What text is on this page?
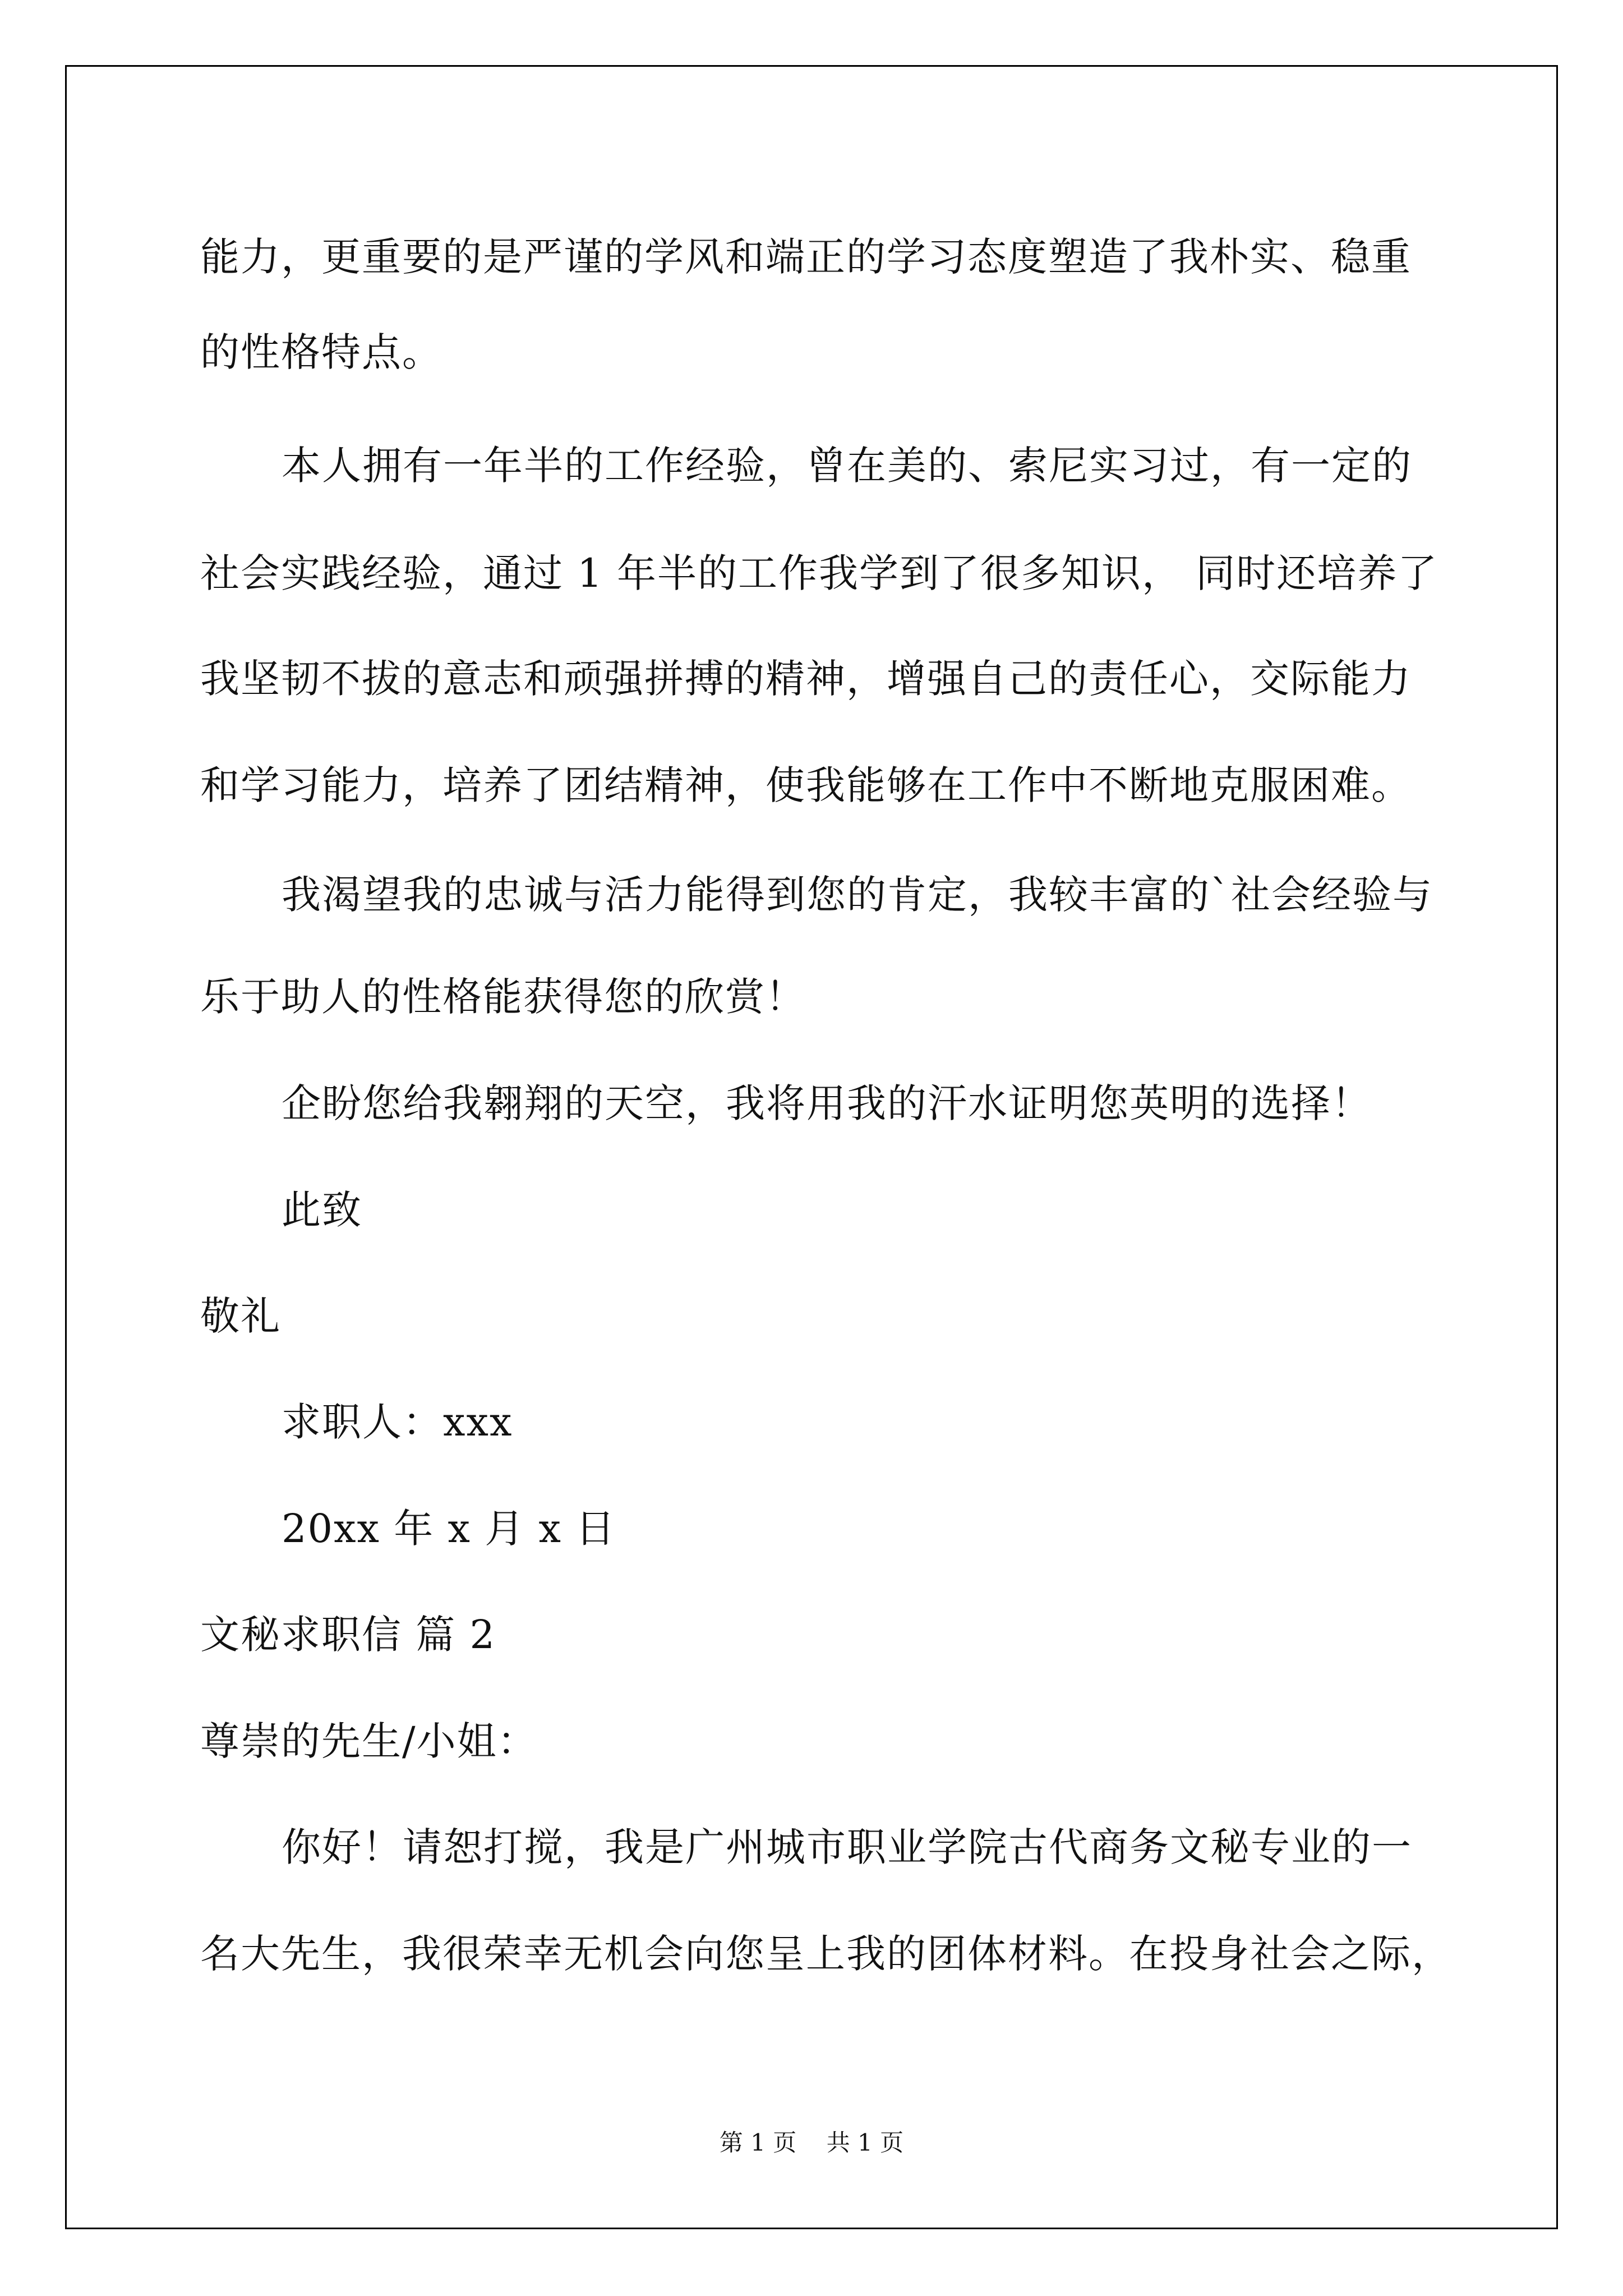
能力，更重要的是严谨的学风和端正的学习态度塑造了我朴实、稳重
的性格特点。
本人拥有一年半的工作经验，曾在美的、索尼实习过，有一定的
社会实践经验，通过 1 年半的工作我学到了很多知识， 同时还培养了
我坚韧不拔的意志和顽强拼搏的精神，增强自己的责任心，交际能力
和学习能力，培养了团结精神，使我能够在工作中不断地克服困难。
我渴望我的忠诚与活力能得到您的肯定，我较丰富的`社会经验与
乐于助人的性格能获得您的欣赏！
企盼您给我翱翔的天空，我将用我的汗水证明您英明的选择！
此致
敬礼
求职人：xxx
20xx 年 x 月 x 日
文秘求职信 篇 2
尊崇的先生/小姐：
你好！请恕打搅，我是广州城市职业学院古代商务文秘专业的一
名大先生，我很荣幸无机会向您呈上我的团体材料。在投身社会之际，
第 1 页    共 1 页
